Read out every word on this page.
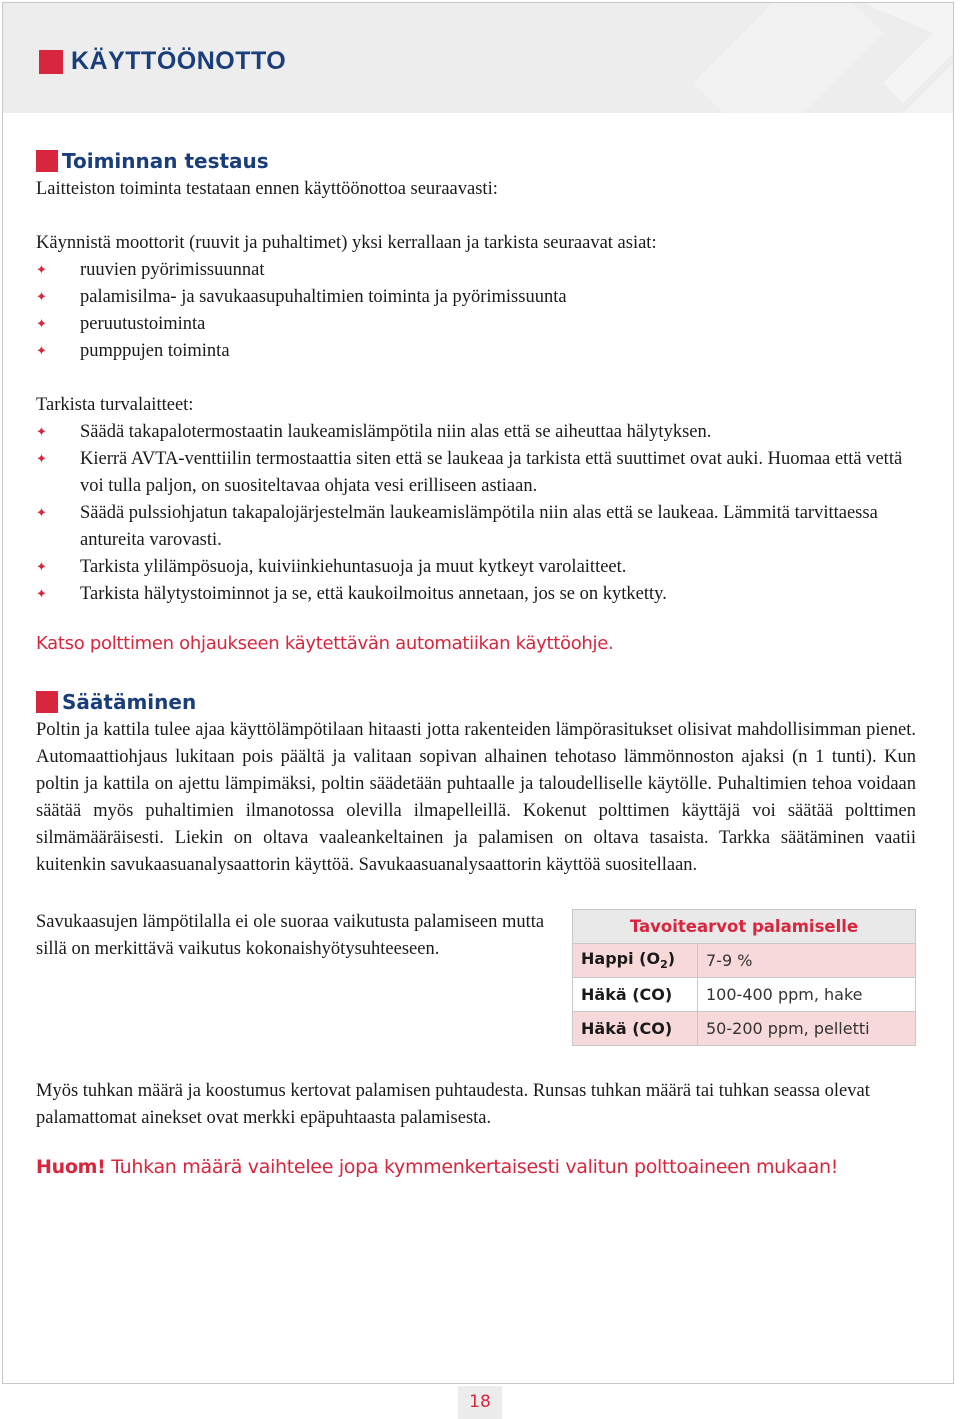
KÄYTTÖÖNOTTO
Toiminnan testaus

Laitteiston toiminta testataan ennen käyttöönottoa seuraavasti:

Käynnistä moottorit (ruuvit ja puhaltimet) yksi kerrallaan ja tarkista seuraavat asiat:

✦ ruuvien pyörimissuunnat
✦ palamisilma- ja savukaasupuhaltimien toiminta ja pyörimissuunta
✦ peruutustoiminta
✦ pumppujen toiminta

Tarkista turvalaitteet:

✦ Säädä takapalotermostaatin laukeamislämpötila niin alas että se aiheuttaa hälytyksen.
✦ Kierrä AVTA-venttiilin termostaattia siten että se laukeaa ja tarkista että suuttimet ovat auki. Huomaa että vettä voi tulla paljon, on suositeltavaa ohjata vesi erilliseen astiaan.
✦ Säädä pulssiohjatun takapalojärjestelmän laukeamislämpötila niin alas että se laukeaa. Lämmitä tarvittaessa antureita varovasti.
✦ Tarkista ylilämpösuoja, kuiviinkiehuntasuoja ja muut kytkeyt varolaitteet.
✦ Tarkista hälytystoiminnot ja se, että kaukoilmoitus annetaan, jos se on kytketty.
Katso polttimen ohjaukseen käytettävän automatiikan käyttöohje.
Säätäminen

Poltin ja kattila tulee ajaa käyttölämpötilaan hitaasti jotta rakenteiden lämpörasitukset olisivat mahdollisimman pienet. Automaattiohjaus lukitaan pois päältä ja valitaan sopivan alhainen tehotaso lämmönnoston ajaksi (n 1 tunti). Kun poltin ja kattila on ajettu lämpimäksi, poltin säädetään puhtaalle ja taloudelliselle käytölle. Puhaltimien tehoa voidaan säätää myös puhaltimien ilmanotossa olevilla ilmapelleillä. Kokenut polttimen käyttäjä voi säätää polttimen silmämääräisesti. Liekin on oltava vaaleankeltainen ja palamisen on oltava tasaista. Tarkka säätäminen vaatii kuitenkin savukaasuanalysaattorin käyttöä. Savukaasuanalysaattorin käyttöä suositellaan.

Savukaasujen lämpötilalla ei ole suoraa vaikutusta palamiseen mutta sillä on merkittävä vaikutus kokonaishyötysuhteeseen.

Tavoitearvot palamiselle	
Happi $(O_2)$	7-9 %
Häkä (CO)	100-400 ppm, hake
Häkä (CO)	50-200 ppm, pelletti

Myös tuhkan määrä ja koostumus kertovat palamisen puhtaudesta. Runsas tuhkan määrä tai tuhkan seassa olevat palamattomat ainekset ovat merkki epäpuhtaasta palamisesta.

Huom! Tuhkan määrä vaihtelee jopa kymmenkertaisesti valitun polttoaineen mukaan!
18
